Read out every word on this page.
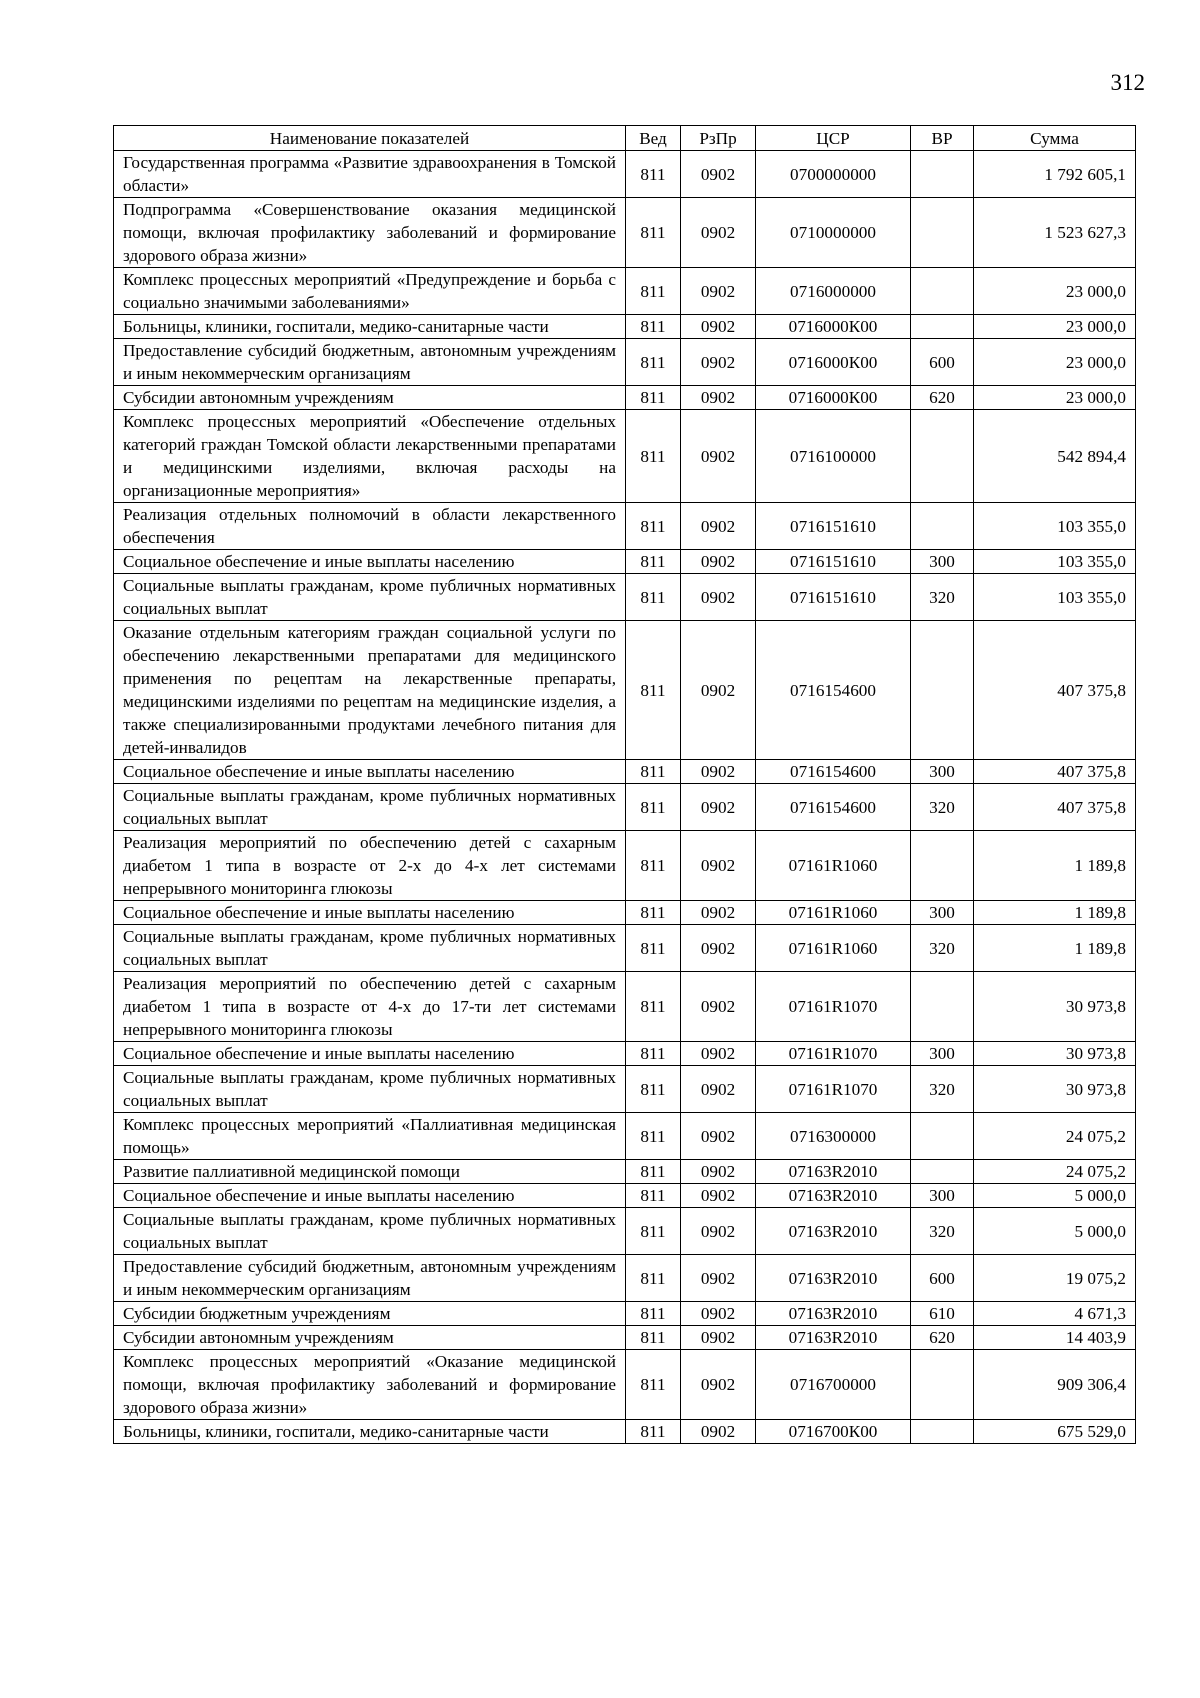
312
Наименование показателей	Вед	РзПр	ЦСР	ВР	Сумма
Государственная программа «Развитие здравоохранения в Томской области»	811	0902	0700000000		1 792 605,1
Подпрограмма «Совершенствование оказания медицинской помощи, включая профилактику заболеваний и формирование здорового образа жизни»	811	0902	0710000000		1 523 627,3
Комплекс процессных мероприятий «Предупреждение и борьба с социально значимыми заболеваниями»	811	0902	0716000000		23 000,0
Больницы, клиники, госпитали, медико-санитарные части	811	0902	0716000К00		23 000,0
Предоставление субсидий бюджетным, автономным учреждениям и иным некоммерческим организациям	811	0902	0716000К00	600	23 000,0
Субсидии автономным учреждениям	811	0902	0716000К00	620	23 000,0
Комплекс процессных мероприятий «Обеспечение отдельных категорий граждан Томской области лекарственными препаратами и медицинскими изделиями, включая расходы на организационные мероприятия»	811	0902	0716100000		542 894,4
Реализация отдельных полномочий в области лекарственного обеспечения	811	0902	0716151610		103 355,0
Социальное обеспечение и иные выплаты населению	811	0902	0716151610	300	103 355,0
Социальные выплаты гражданам, кроме публичных нормативных социальных выплат	811	0902	0716151610	320	103 355,0
Оказание отдельным категориям граждан социальной услуги по обеспечению лекарственными препаратами для медицинского применения по рецептам на лекарственные препараты, медицинскими изделиями по рецептам на медицинские изделия, а также специализированными продуктами лечебного питания для детей-инвалидов	811	0902	0716154600		407 375,8
Социальное обеспечение и иные выплаты населению	811	0902	0716154600	300	407 375,8
Социальные выплаты гражданам, кроме публичных нормативных социальных выплат	811	0902	0716154600	320	407 375,8
Реализация мероприятий по обеспечению детей с сахарным диабетом 1 типа в возрасте от 2-х до 4-х лет системами непрерывного мониторинга глюкозы	811	0902	07161R1060		1 189,8
Социальное обеспечение и иные выплаты населению	811	0902	07161R1060	300	1 189,8
Социальные выплаты гражданам, кроме публичных нормативных социальных выплат	811	0902	07161R1060	320	1 189,8
Реализация мероприятий по обеспечению детей с сахарным диабетом 1 типа в возрасте от 4-х до 17-ти лет системами непрерывного мониторинга глюкозы	811	0902	07161R1070		30 973,8
Социальное обеспечение и иные выплаты населению	811	0902	07161R1070	300	30 973,8
Социальные выплаты гражданам, кроме публичных нормативных социальных выплат	811	0902	07161R1070	320	30 973,8
Комплекс процессных мероприятий «Паллиативная медицинская помощь»	811	0902	0716300000		24 075,2
Развитие паллиативной медицинской помощи	811	0902	07163R2010		24 075,2
Социальное обеспечение и иные выплаты населению	811	0902	07163R2010	300	5 000,0
Социальные выплаты гражданам, кроме публичных нормативных социальных выплат	811	0902	07163R2010	320	5 000,0
Предоставление субсидий бюджетным, автономным учреждениям и иным некоммерческим организациям	811	0902	07163R2010	600	19 075,2
Субсидии бюджетным учреждениям	811	0902	07163R2010	610	4 671,3
Субсидии автономным учреждениям	811	0902	07163R2010	620	14 403,9
Комплекс процессных мероприятий «Оказание медицинской помощи, включая профилактику заболеваний и формирование здорового образа жизни»	811	0902	0716700000		909 306,4
Больницы, клиники, госпитали, медико-санитарные части	811	0902	0716700К00		675 529,0
